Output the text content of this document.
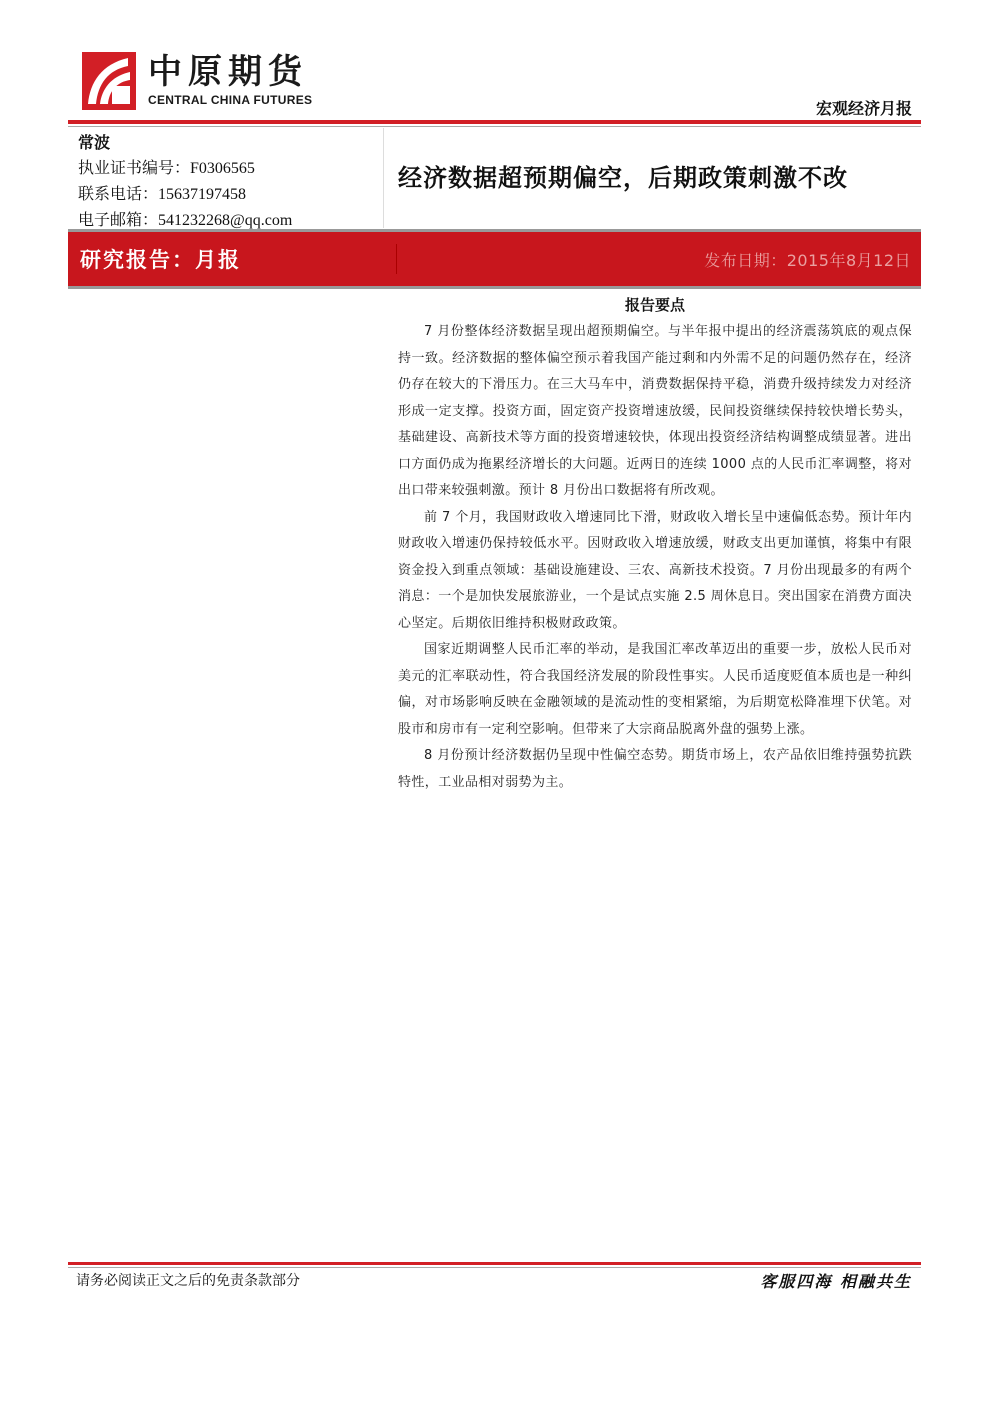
中原期货
CENTRAL CHINA FUTURES	宏观经济月报
常波
执业证书编号：F0306565
联系电话：15637197458
电子邮箱：541232268@qq.com
经济数据超预期偏空，后期政策刺激不改
研究报告：月报	发布日期：2015年8月12日
报告要点

7 月份整体经济数据呈现出超预期偏空。与半年报中提出的经济震荡筑底的观点保持一致。经济数据的整体偏空预示着我国产能过剩和内外需不足的问题仍然存在，经济仍存在较大的下滑压力。在三大马车中，消费数据保持平稳，消费升级持续发力对经济形成一定支撑。投资方面，固定资产投资增速放缓，民间投资继续保持较快增长势头，基础建设、高新技术等方面的投资增速较快，体现出投资经济结构调整成绩显著。进出口方面仍成为拖累经济增长的大问题。近两日的连续 1000 点的人民币汇率调整，将对出口带来较强刺激。预计 8 月份出口数据将有所改观。

前 7 个月，我国财政收入增速同比下滑，财政收入增长呈中速偏低态势。预计年内财政收入增速仍保持较低水平。因财政收入增速放缓，财政支出更加谨慎，将集中有限资金投入到重点领域：基础设施建设、三农、高新技术投资。7 月份出现最多的有两个消息：一个是加快发展旅游业，一个是试点实施 2.5 周休息日。突出国家在消费方面决心坚定。后期依旧维持积极财政政策。

国家近期调整人民币汇率的举动，是我国汇率改革迈出的重要一步，放松人民币对美元的汇率联动性，符合我国经济发展的阶段性事实。人民币适度贬值本质也是一种纠偏，对市场影响反映在金融领域的是流动性的变相紧缩，为后期宽松降准埋下伏笔。对股市和房市有一定利空影响。但带来了大宗商品脱离外盘的强势上涨。

8 月份预计经济数据仍呈现中性偏空态势。期货市场上，农产品依旧维持强势抗跌特性，工业品相对弱势为主。

请务必阅读正文之后的免责条款部分	客服四海 相融共生
